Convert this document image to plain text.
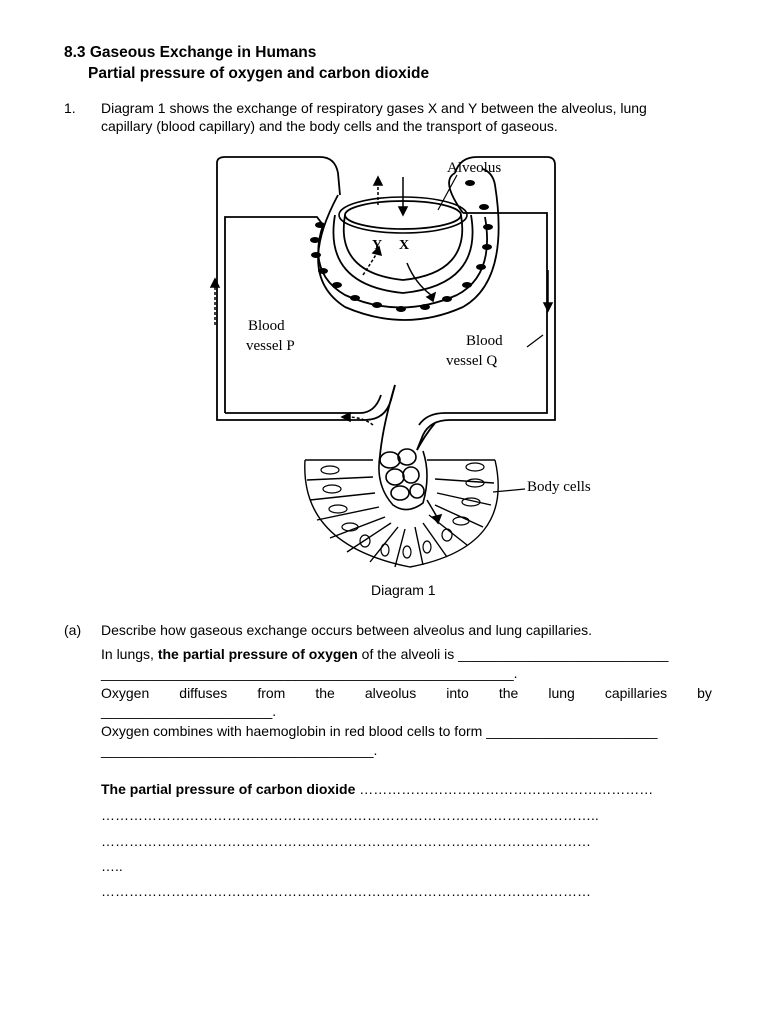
8.3 Gaseous Exchange in Humans
Partial pressure of oxygen and carbon dioxide
1. Diagram 1 shows the exchange of respiratory gases X and Y between the alveolus, lung
capillary (blood capillary) and the body cells and the transport of gaseous.
Alveolus
Y X
Blood
vessel P	Blood
vessel Q
Body cells
Diagram 1
(a) Describe how gaseous exchange occurs between alveolus and lung capillaries.
In lungs, the partial pressure of oxygen of the alveoli is ___________________________
_____________________________________________________.
Oxygen diffuses from the alveolus into the lung capillaries by
______________________.
Oxygen combines with haemoglobin in red blood cells to form ______________________
___________________________________.
The partial pressure of carbon dioxide ………………………………………………………
……………………………………………………………………………………………..
……………………………………………………………………………………………
…..
……………………………………………………………………………………………
